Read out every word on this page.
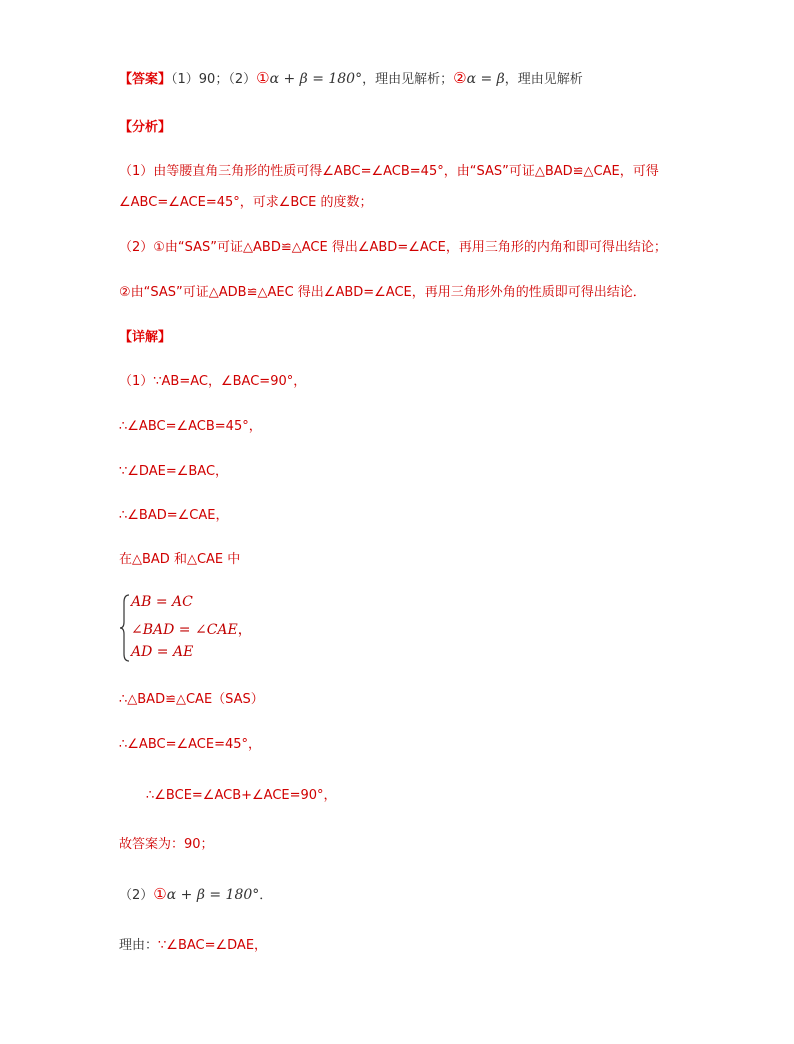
【答案】（1）90；（2）①α + β = 180°，理由见解析；②α = β，理由见解析
【分析】
（1）由等腰直角三角形的性质可得∠ABC=∠ACB=45°，由“SAS”可证△BAD≌△CAE，可得
∠ABC=∠ACE=45°，可求∠BCE 的度数；
（2）①由“SAS”可证△ABD≌△ACE 得出∠ABD=∠ACE，再用三角形的内角和即可得出结论；
②由“SAS”可证△ADB≌△AEC 得出∠ABD=∠ACE，再用三角形外角的性质即可得出结论．
【详解】
（1）∵AB=AC，∠BAC=90°，
∴∠ABC=∠ACB=45°，
∵∠DAE=∠BAC，
∴∠BAD=∠CAE，
在△BAD 和△CAE 中
AB = AC
∠BAD = ∠CAE，
AD = AE
∴△BAD≌△CAE（SAS）
∴∠ABC=∠ACE=45°，
∴∠BCE=∠ACB+∠ACE=90°，
故答案为：90；
（2）①α + β = 180°．
理由：∵∠BAC=∠DAE，
